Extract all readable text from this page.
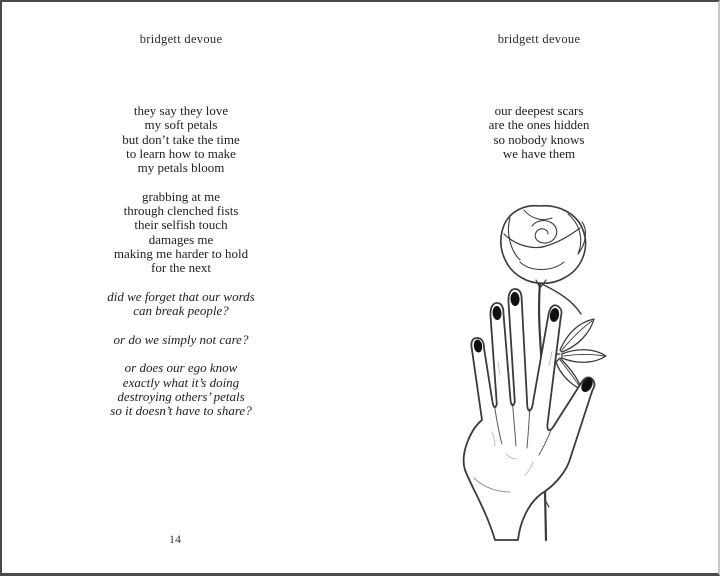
bridgett devoue
they say they love
my soft petals
but don’t take the time
to learn how to make
my petals bloom
grabbing at me
through clenched fists
their selfish touch
damages me
making me harder to hold
for the next
did we forget that our words
can break people?
or do we simply not care?
or does our ego know
exactly what it’s doing
destroying others’ petals
so it doesn’t have to share?
14
bridgett devoue
our deepest scars
are the ones hidden
so nobody knows
we have them
